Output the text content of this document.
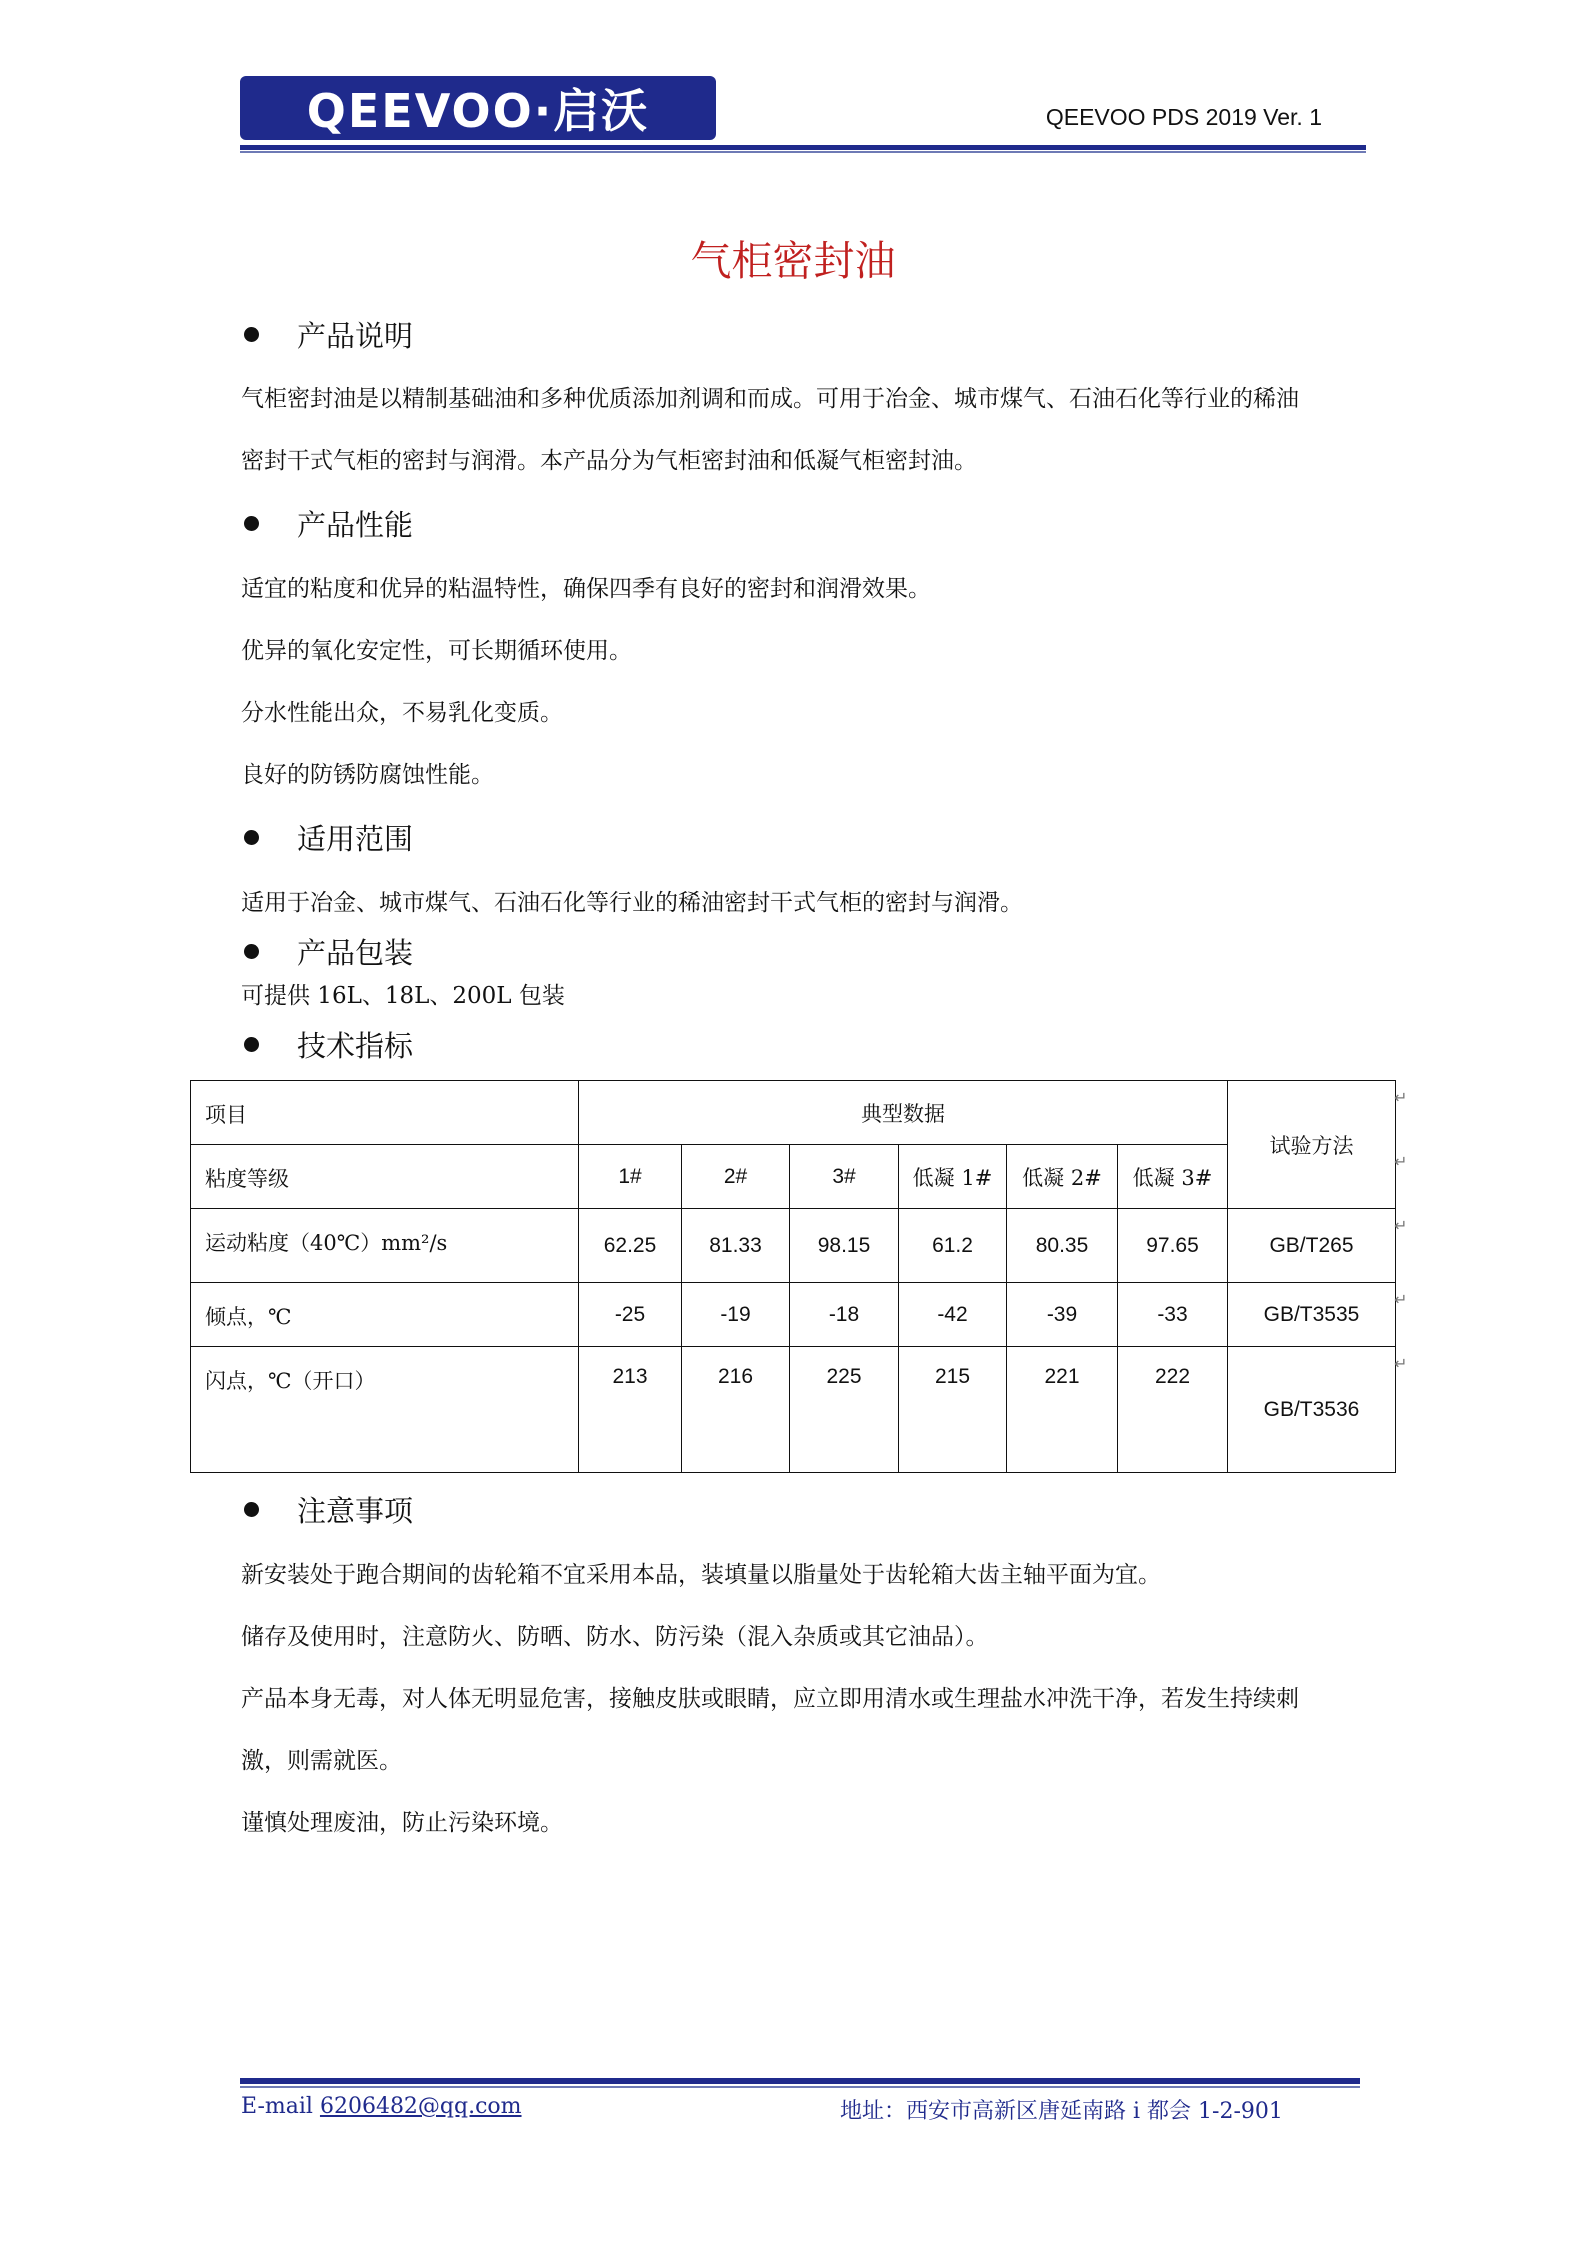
QEEVOO·启沃	QEEVOO PDS 2019 Ver. 1
气柜密封油
产品说明
气柜密封油是以精制基础油和多种优质添加剂调和而成。可用于冶金、城市煤气、石油石化等行业的稀油
密封干式气柜的密封与润滑。本产品分为气柜密封油和低凝气柜密封油。
产品性能
适宜的粘度和优异的粘温特性，确保四季有良好的密封和润滑效果。
优异的氧化安定性，可长期循环使用。
分水性能出众，不易乳化变质。
良好的防锈防腐蚀性能。
适用范围
适用于冶金、城市煤气、石油石化等行业的稀油密封干式气柜的密封与润滑。
产品包装
可提供 16L、18L、200L 包装
技术指标
项目	典型数据						试验方法
粘度等级	1#	2#	3#	低凝 1#	低凝 2#	低凝 3#	
运动粘度（40℃）mm²/s	62.25	81.33	98.15	61.2	80.35	97.65	GB/T265
倾点，℃	-25	-19	-18	-42	-39	-33	GB/T3535
闪点，℃（开口）	213	216	225	215	221	222	GB/T3536
↵
↵
↵
↵
↵
注意事项
新安装处于跑合期间的齿轮箱不宜采用本品，装填量以脂量处于齿轮箱大齿主轴平面为宜。
储存及使用时，注意防火、防晒、防水、防污染（混入杂质或其它油品）。
产品本身无毒，对人体无明显危害，接触皮肤或眼睛，应立即用清水或生理盐水冲洗干净，若发生持续刺
激，则需就医。
谨慎处理废油，防止污染环境。
E-mail 6206482@qq.com	地址：西安市高新区唐延南路 i 都会 1-2-901
